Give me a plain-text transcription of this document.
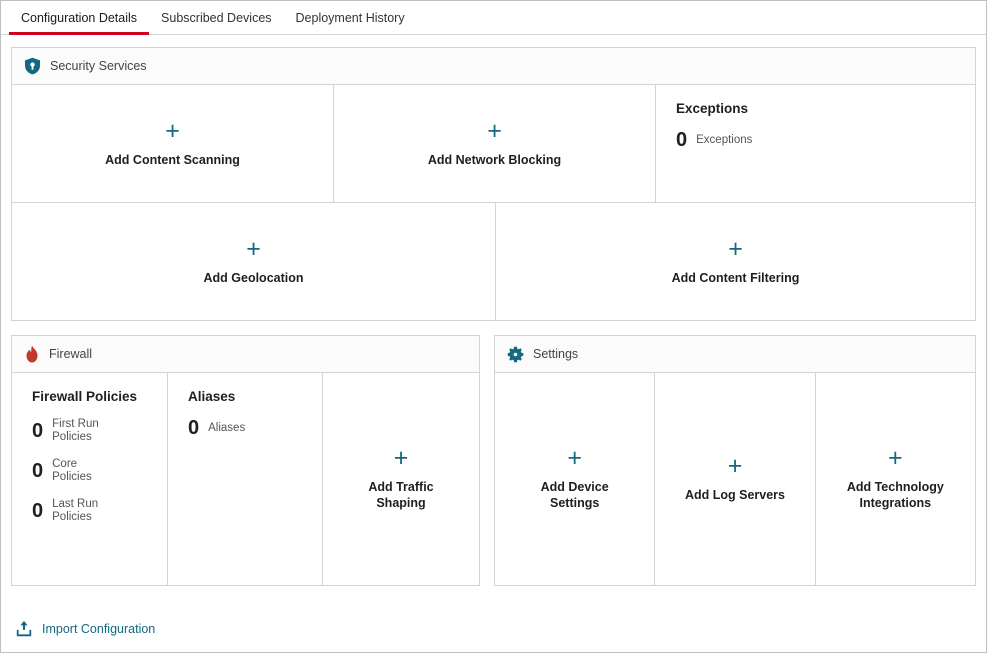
Configuration Details	Subscribed Devices	Deployment History
Security Services
+
Add Content Scanning
+
Add Network Blocking
Exceptions
0 Exceptions
+
Add Geolocation
+
Add Content Filtering
Firewall
Firewall Policies
0 First Run Policies
0 Core Policies
0 Last Run Policies
Aliases
0 Aliases
+
Add Traffic Shaping
Settings
+
Add Device Settings
+
Add Log Servers
+
Add Technology Integrations
Import Configuration
